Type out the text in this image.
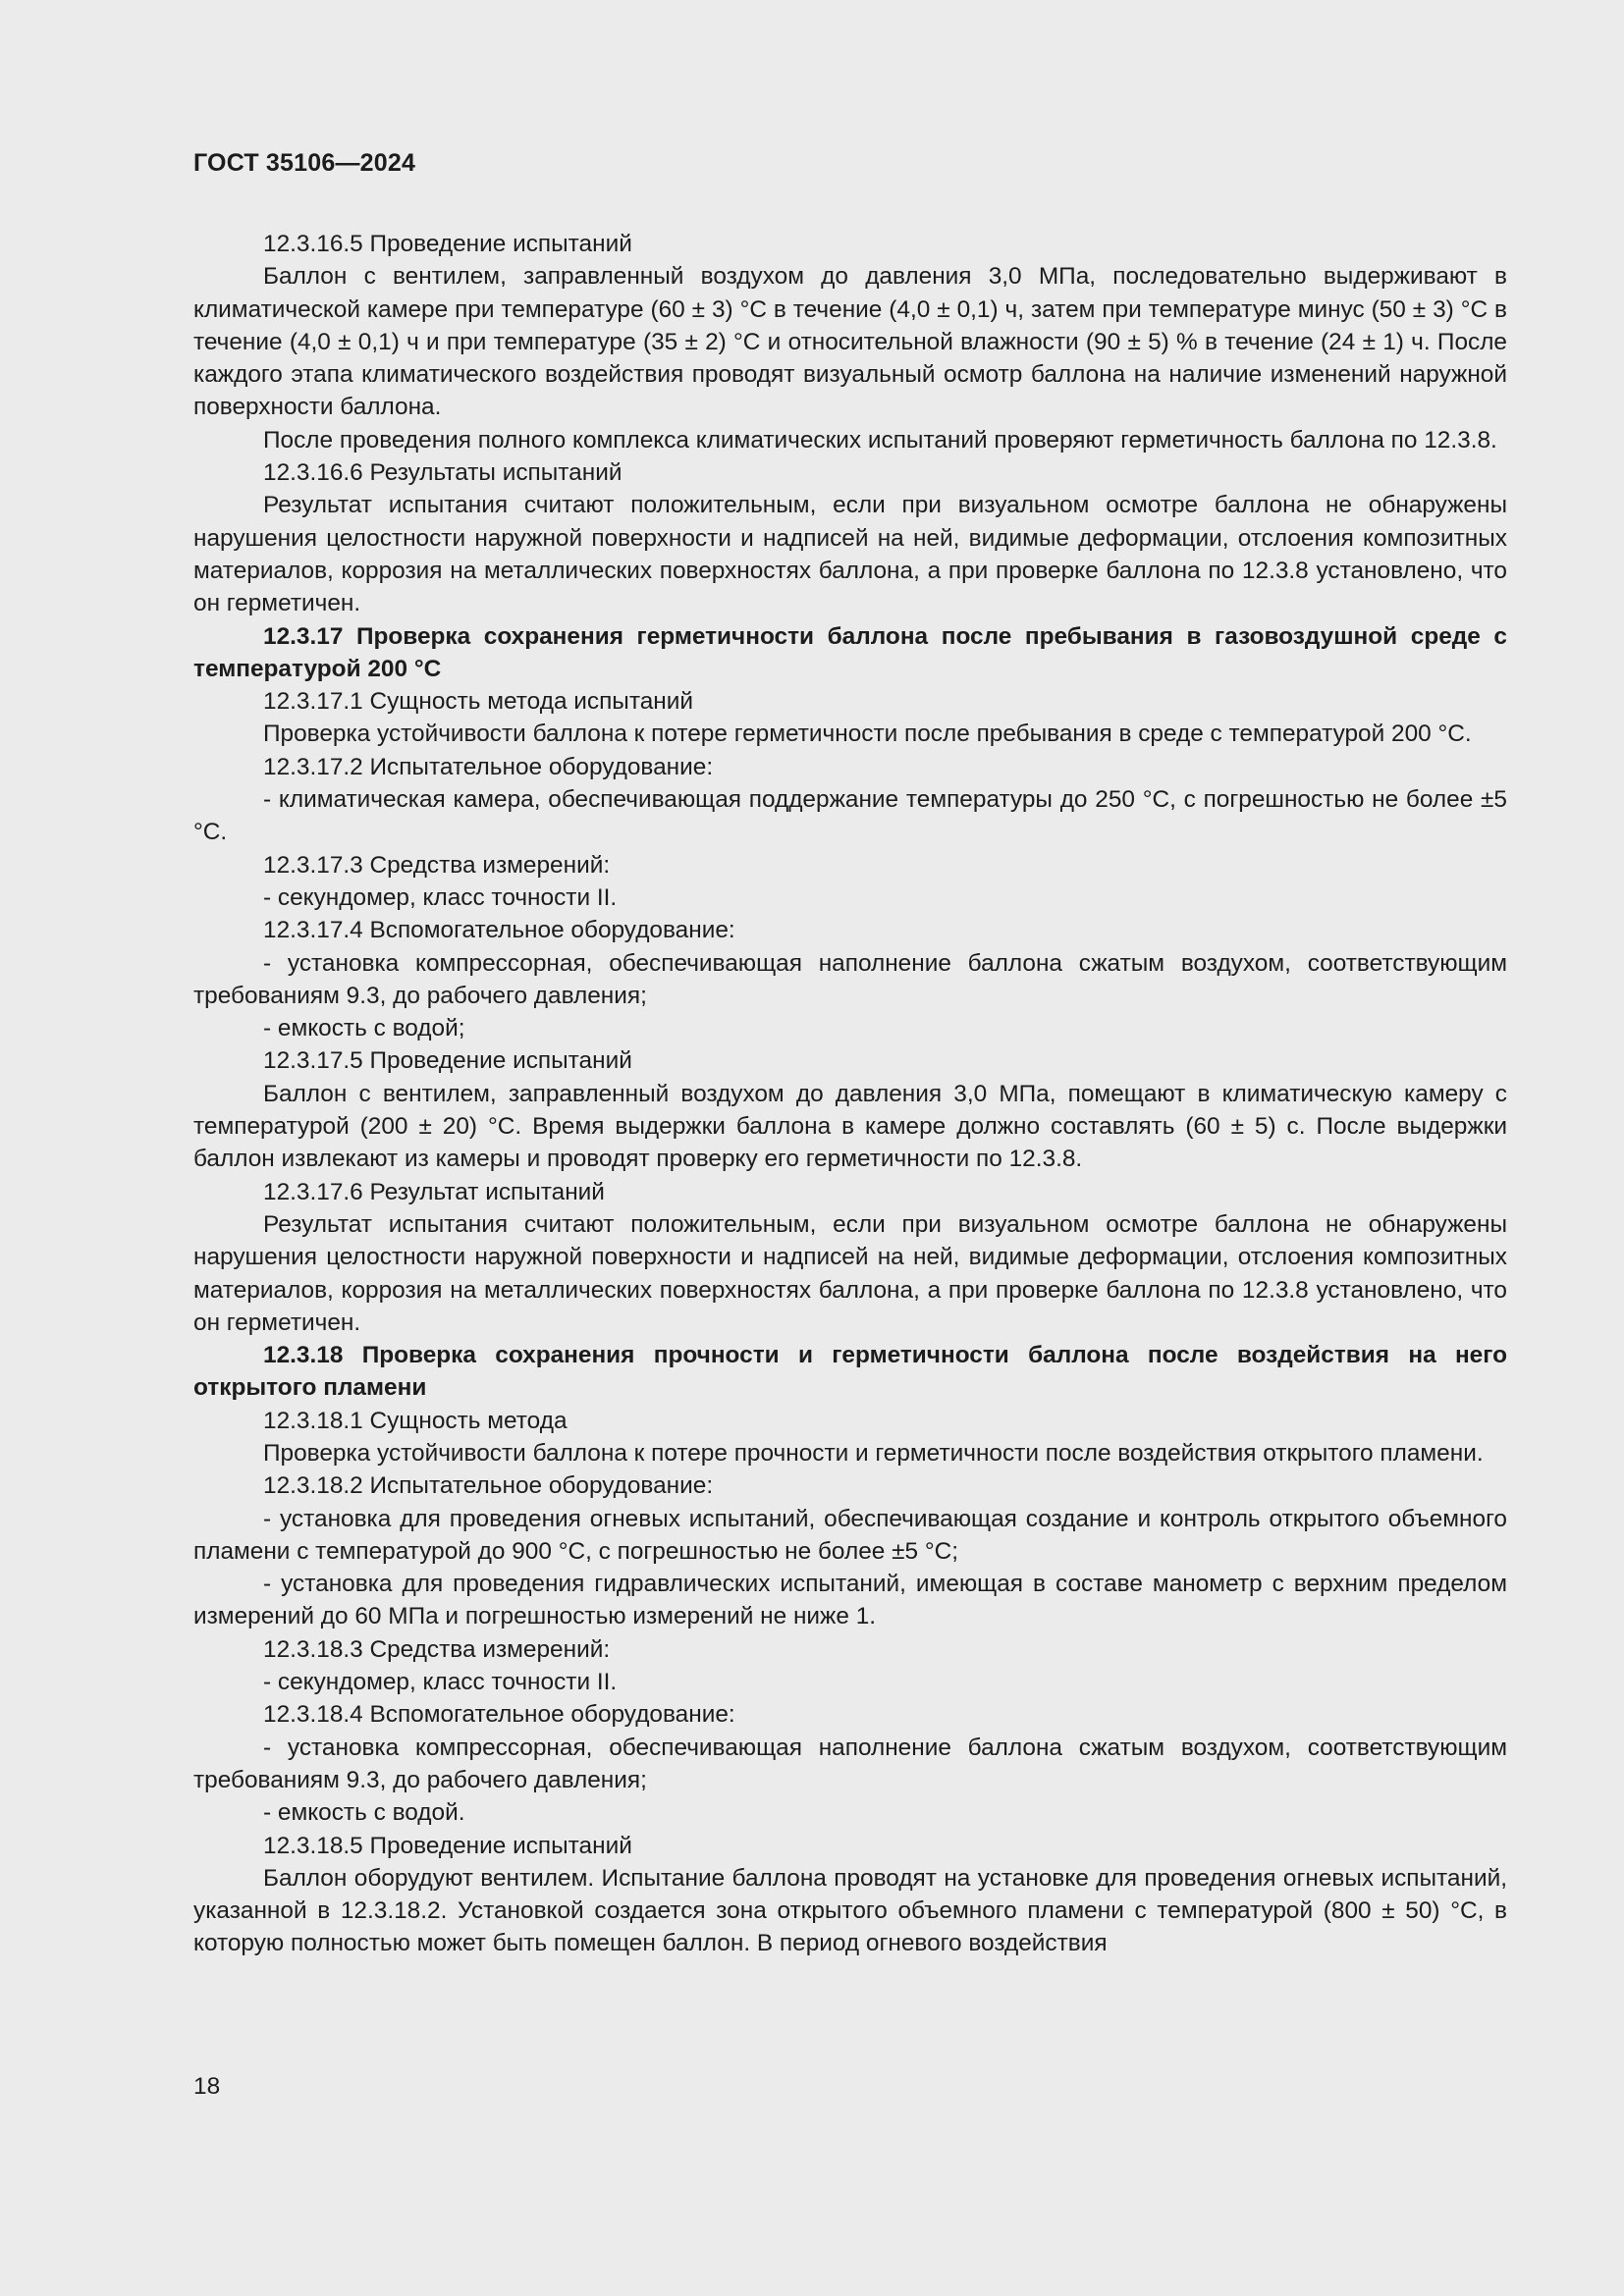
ГОСТ 35106—2024

12.3.16.5 Проведение испытаний

Баллон с вентилем, заправленный воздухом до давления 3,0 МПа, последовательно выдерживают в климатической камере при температуре (60 ± 3) °С в течение (4,0 ± 0,1) ч, затем при температуре минус (50 ± 3) °С в течение (4,0 ± 0,1) ч и при температуре (35 ± 2) °С и относительной влажности (90 ± 5) % в течение (24 ± 1) ч. После каждого этапа климатического воздействия проводят визуальный осмотр баллона на наличие изменений наружной поверхности баллона.

После проведения полного комплекса климатических испытаний проверяют герметичность баллона по 12.3.8.

12.3.16.6 Результаты испытаний

Результат испытания считают положительным, если при визуальном осмотре баллона не обнаружены нарушения целостности наружной поверхности и надписей на ней, видимые деформации, отслоения композитных материалов, коррозия на металлических поверхностях баллона, а при проверке баллона по 12.3.8 установлено, что он герметичен.

12.3.17 Проверка сохранения герметичности баллона после пребывания в газовоздушной среде с температурой 200 °С

12.3.17.1 Сущность метода испытаний

Проверка устойчивости баллона к потере герметичности после пребывания в среде с температурой 200 °С.

12.3.17.2 Испытательное оборудование:

- климатическая камера, обеспечивающая поддержание температуры до 250 °С, с погрешностью не более ±5 °С.

12.3.17.3 Средства измерений:

- секундомер, класс точности II.

12.3.17.4 Вспомогательное оборудование:

- установка компрессорная, обеспечивающая наполнение баллона сжатым воздухом, соответствующим требованиям 9.3, до рабочего давления;

- емкость с водой;

12.3.17.5 Проведение испытаний

Баллон с вентилем, заправленный воздухом до давления 3,0 МПа, помещают в климатическую камеру с температурой (200 ± 20) °С. Время выдержки баллона в камере должно составлять (60 ± 5) с. После выдержки баллон извлекают из камеры и проводят проверку его герметичности по 12.3.8.

12.3.17.6 Результат испытаний

Результат испытания считают положительным, если при визуальном осмотре баллона не обнаружены нарушения целостности наружной поверхности и надписей на ней, видимые деформации, отслоения композитных материалов, коррозия на металлических поверхностях баллона, а при проверке баллона по 12.3.8 установлено, что он герметичен.

12.3.18 Проверка сохранения прочности и герметичности баллона после воздействия на него открытого пламени

12.3.18.1 Сущность метода

Проверка устойчивости баллона к потере прочности и герметичности после воздействия открытого пламени.

12.3.18.2 Испытательное оборудование:

- установка для проведения огневых испытаний, обеспечивающая создание и контроль открытого объемного пламени с температурой до 900 °С, с погрешностью не более ±5 °С;

- установка для проведения гидравлических испытаний, имеющая в составе манометр с верхним пределом измерений до 60 МПа и погрешностью измерений не ниже 1.

12.3.18.3 Средства измерений:

- секундомер, класс точности II.

12.3.18.4 Вспомогательное оборудование:

- установка компрессорная, обеспечивающая наполнение баллона сжатым воздухом, соответствующим требованиям 9.3, до рабочего давления;

- емкость с водой.

12.3.18.5 Проведение испытаний

Баллон оборудуют вентилем. Испытание баллона проводят на установке для проведения огневых испытаний, указанной в 12.3.18.2. Установкой создается зона открытого объемного пламени с температурой (800 ± 50) °С, в которую полностью может быть помещен баллон. В период огневого воздействия

18
